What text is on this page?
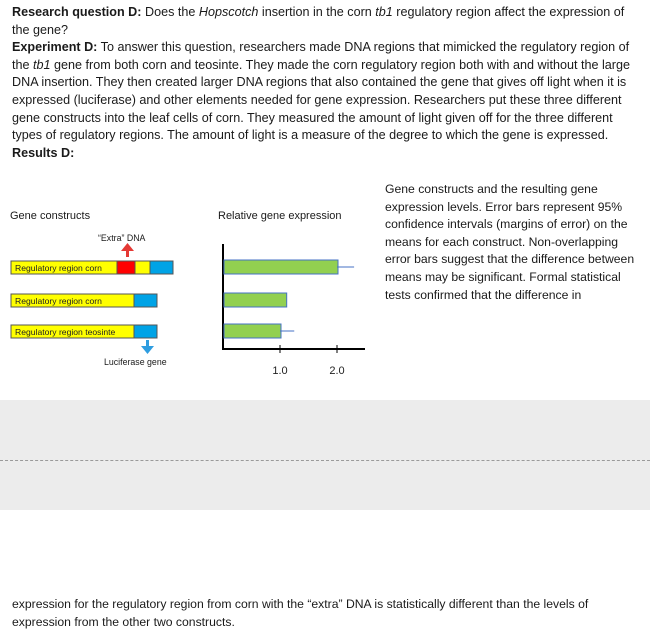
Research question D: Does the Hopscotch insertion in the corn tb1 regulatory region affect the expression of the gene?

Experiment D: To answer this question, researchers made DNA regions that mimicked the regulatory region of the tb1 gene from both corn and teosinte. They made the corn regulatory region both with and without the large DNA insertion. They then created larger DNA regions that also contained the gene that gives off light when it is expressed (luciferase) and other elements needed for gene expression. Researchers put these three different gene constructs into the leaf cells of corn. They measured the amount of light given off for the three different types of regulatory regions. The amount of light is a measure of the degree to which the gene is expressed.

Results D:

Gene constructs	Relative gene expression
“Extra” DNA
Luciferase gene
Regulatory region corn
Regulatory region corn
Regulatory region teosinte
1.0	2.0
Gene constructs and the resulting gene expression levels. Error bars represent 95% confidence intervals (margins of error) on the means for each construct. Non-overlapping error bars suggest that the difference between means may be significant. Formal statistical tests confirmed that the difference in
expression for the regulatory region from corn with the “extra” DNA is statistically different than the levels of expression from the other two constructs.
